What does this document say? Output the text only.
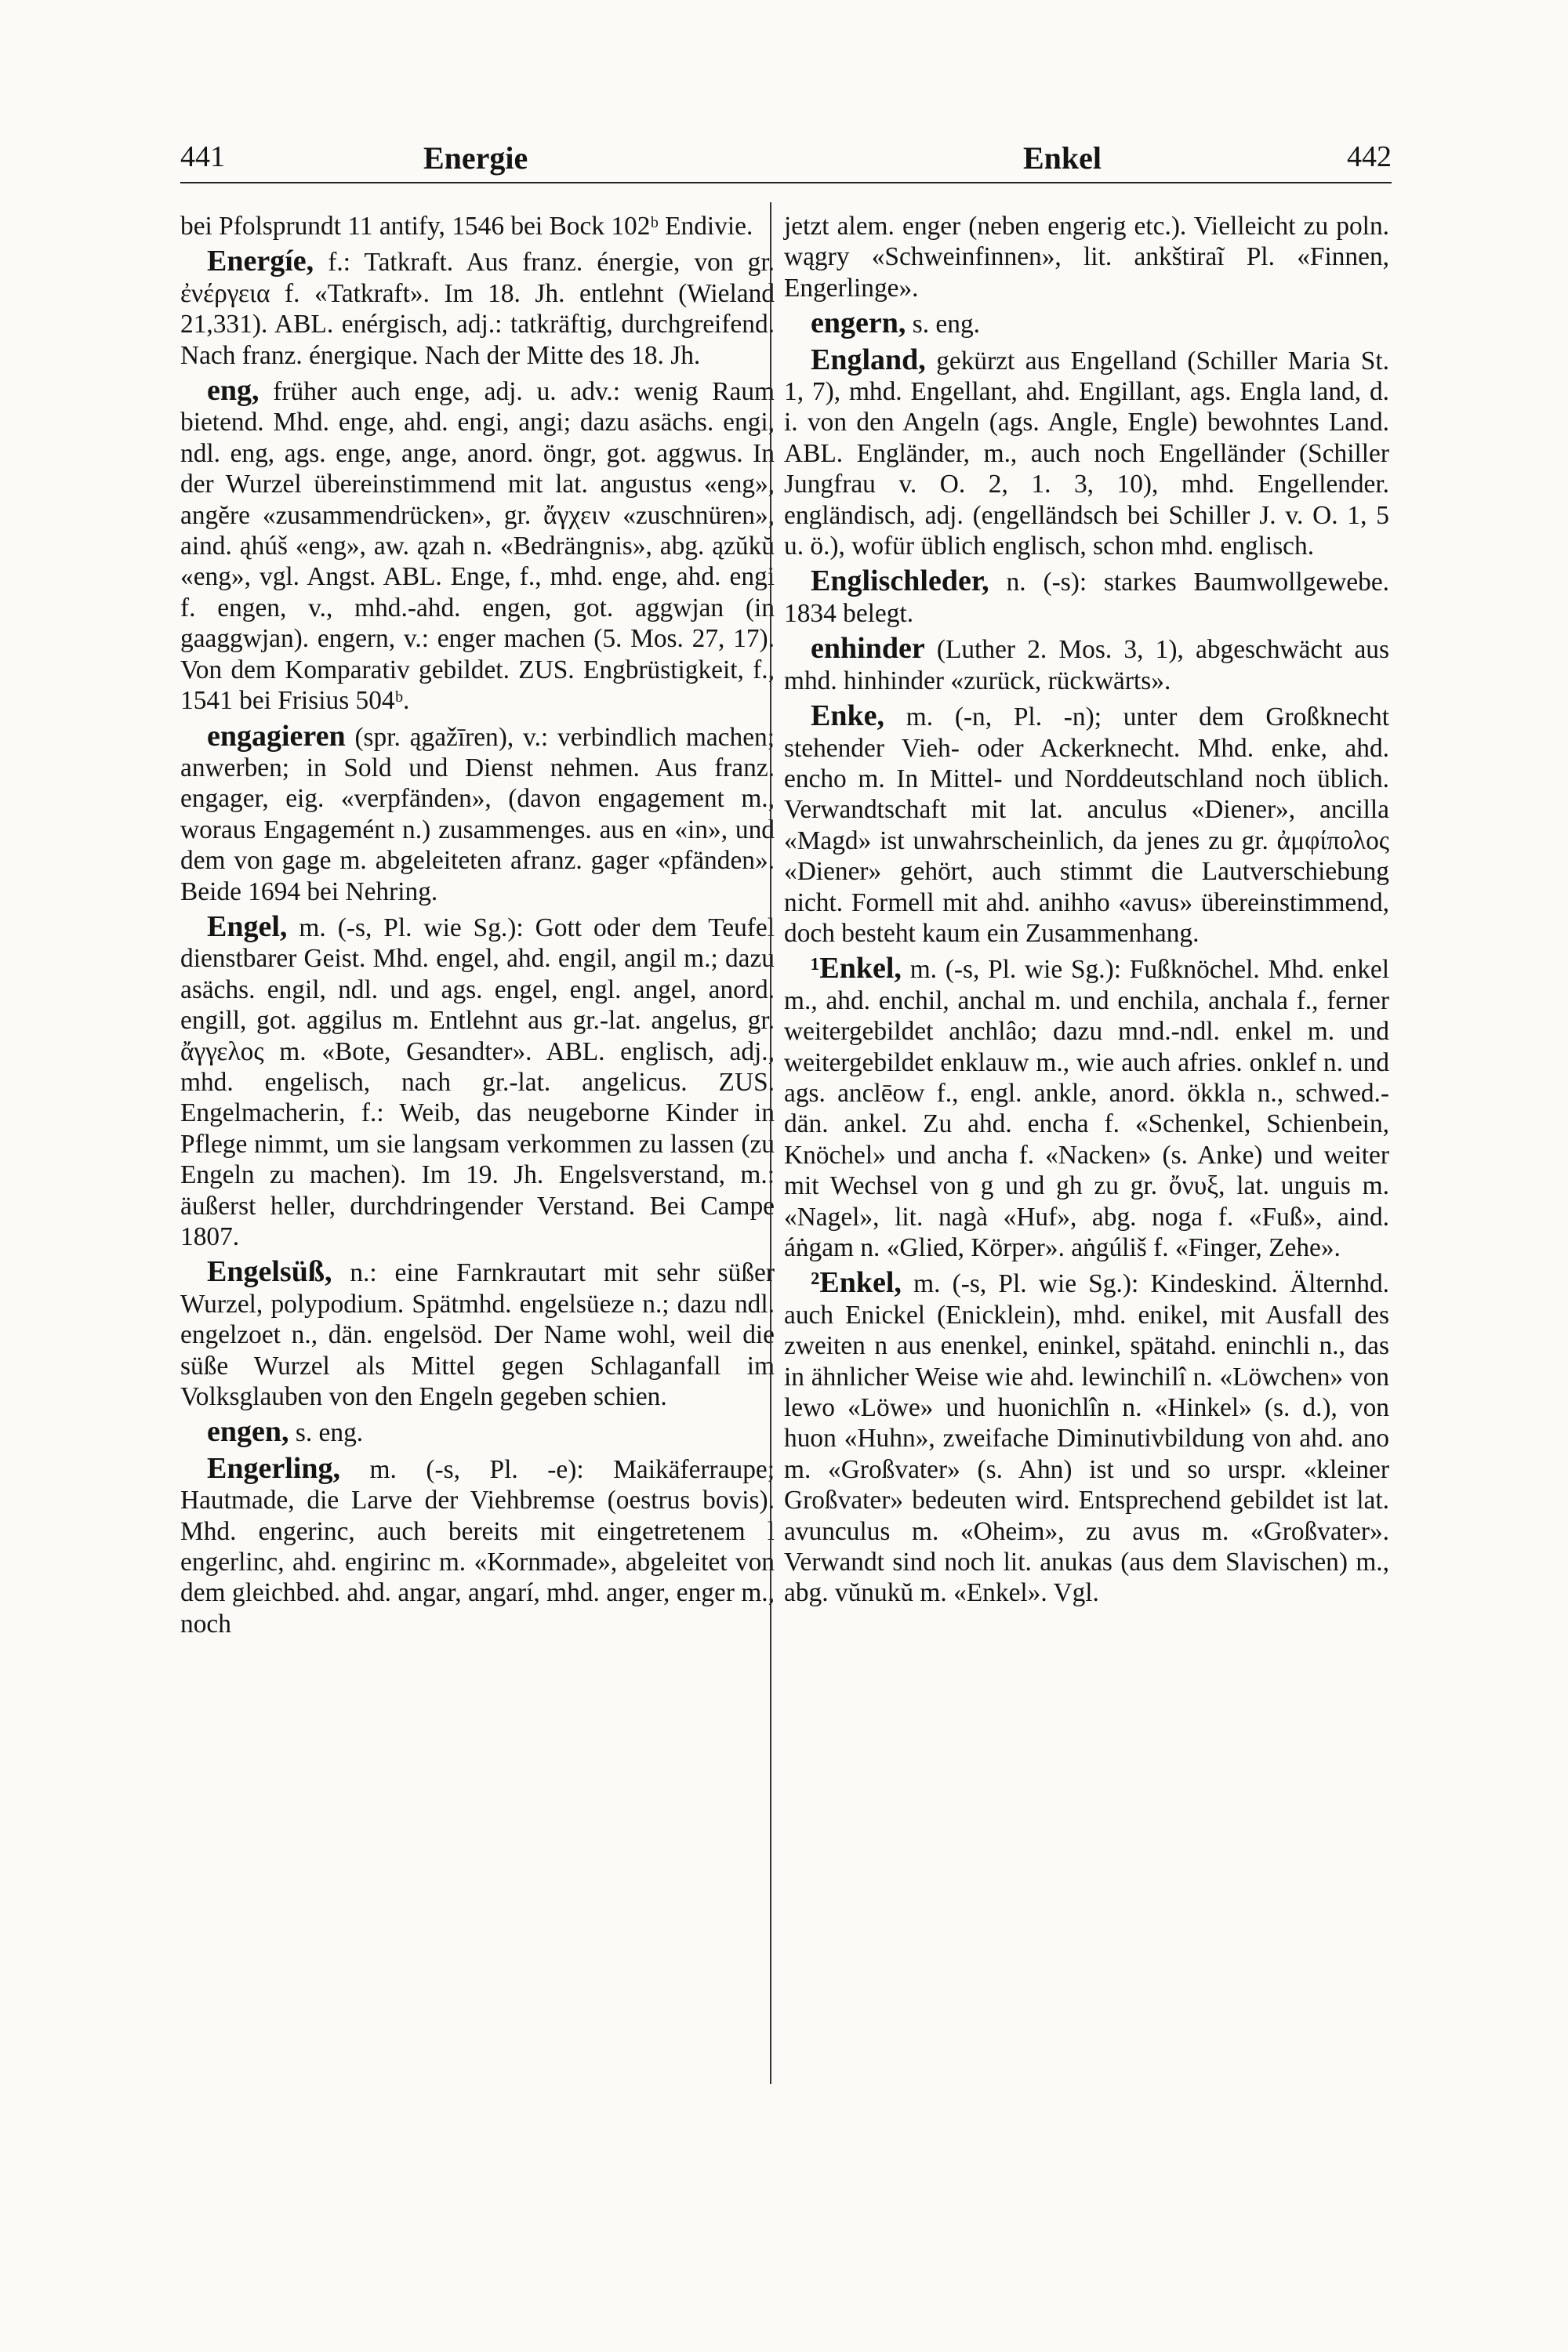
441	Energie	Enkel	442

bei Pfolsprundt 11 antify, 1546 bei Bock 102ᵇ Endivie.

Energíe, f.: Tatkraft. Aus franz. énergie, von gr. ἐνέργεια f. «Tatkraft». Im 18. Jh. entlehnt (Wieland 21,331). ABL. enérgisch, adj.: tatkräftig, durchgreifend. Nach franz. énergique. Nach der Mitte des 18. Jh.

eng, früher auch enge, adj. u. adv.: wenig Raum bietend. Mhd. enge, ahd. engi, angi; dazu asächs. engi, ndl. eng, ags. enge, ange, anord. öngr, got. aggwus. In der Wurzel übereinstimmend mit lat. angustus «eng», angĕre «zusammendrücken», gr. ἄγχειν «zuschnüren», aind. ąhúš «eng», aw. ązah n. «Bedrängnis», abg. ązŭkŭ «eng», vgl. Angst. ABL. Enge, f., mhd. enge, ahd. engi f. engen, v., mhd.-ahd. engen, got. aggwjan (in gaaggwjan). engern, v.: enger machen (5. Mos. 27, 17). Von dem Komparativ gebildet. ZUS. Engbrüstigkeit, f., 1541 bei Frisius 504ᵇ.

engagieren (spr. ągažīren), v.: verbindlich machen; anwerben; in Sold und Dienst nehmen. Aus franz. engager, eig. «verpfänden», (davon engagement m., woraus Engagemént n.) zusammenges. aus en «in», und dem von gage m. abgeleiteten afranz. gager «pfänden». Beide 1694 bei Nehring.

Engel, m. (-s, Pl. wie Sg.): Gott oder dem Teufel dienstbarer Geist. Mhd. engel, ahd. engil, angil m.; dazu asächs. engil, ndl. und ags. engel, engl. angel, anord. engill, got. aggilus m. Entlehnt aus gr.-lat. angelus, gr. ἄγγελος m. «Bote, Gesandter». ABL. englisch, adj., mhd. engelisch, nach gr.-lat. angelicus. ZUS. Engelmacherin, f.: Weib, das neugeborne Kinder in Pflege nimmt, um sie langsam verkommen zu lassen (zu Engeln zu machen). Im 19. Jh. Engelsverstand, m.: äußerst heller, durchdringender Verstand. Bei Campe 1807.

Engelsüß, n.: eine Farnkrautart mit sehr süßer Wurzel, polypodium. Spätmhd. engelsüeze n.; dazu ndl. engelzoet n., dän. engelsöd. Der Name wohl, weil die süße Wurzel als Mittel gegen Schlaganfall im Volksglauben von den Engeln gegeben schien.

engen, s. eng.

Engerling, m. (-s, Pl. -e): Maikäferraupe; Hautmade, die Larve der Viehbremse (oestrus bovis). Mhd. engerinc, auch bereits mit eingetretenem l engerlinc, ahd. engirinc m. «Kornmade», abgeleitet von dem gleichbed. ahd. angar, angarí, mhd. anger, enger m., noch

jetzt alem. enger (neben engerig etc.). Vielleicht zu poln. wągry «Schweinfinnen», lit. ankštiraĩ Pl. «Finnen, Engerlinge».

engern, s. eng.

England, gekürzt aus Engelland (Schiller Maria St. 1, 7), mhd. Engellant, ahd. Engillant, ags. Engla land, d. i. von den Angeln (ags. Angle, Engle) bewohntes Land. ABL. Engländer, m., auch noch Engelländer (Schiller Jungfrau v. O. 2, 1. 3, 10), mhd. Engellender. engländisch, adj. (engelländsch bei Schiller J. v. O. 1, 5 u. ö.), wofür üblich englisch, schon mhd. englisch.

Englischleder, n. (-s): starkes Baumwollgewebe. 1834 belegt.

enhinder (Luther 2. Mos. 3, 1), abgeschwächt aus mhd. hinhinder «zurück, rückwärts».

Enke, m. (-n, Pl. -n); unter dem Großknecht stehender Vieh- oder Ackerknecht. Mhd. enke, ahd. encho m. In Mittel- und Norddeutschland noch üblich. Verwandtschaft mit lat. anculus «Diener», ancilla «Magd» ist unwahrscheinlich, da jenes zu gr. ἀμφίπολος «Diener» gehört, auch stimmt die Lautverschiebung nicht. Formell mit ahd. anihho «avus» übereinstimmend, doch besteht kaum ein Zusammenhang.

¹Enkel, m. (-s, Pl. wie Sg.): Fußknöchel. Mhd. enkel m., ahd. enchil, anchal m. und enchila, anchala f., ferner weitergebildet anchlâo; dazu mnd.-ndl. enkel m. und weitergebildet enklauw m., wie auch afries. onklef n. und ags. anclēow f., engl. ankle, anord. ökkla n., schwed.-dän. ankel. Zu ahd. encha f. «Schenkel, Schienbein, Knöchel» und ancha f. «Nacken» (s. Anke) und weiter mit Wechsel von g und gh zu gr. ὄνυξ, lat. unguis m. «Nagel», lit. nagà «Huf», abg. noga f. «Fuß», aind. áṅgam n. «Glied, Körper». aṅgúliš f. «Finger, Zehe».

²Enkel, m. (-s, Pl. wie Sg.): Kindeskind. Älternhd. auch Enickel (Enicklein), mhd. enikel, mit Ausfall des zweiten n aus enenkel, eninkel, spätahd. eninchli n., das in ähnlicher Weise wie ahd. lewinchilî n. «Löwchen» von lewo «Löwe» und huonichlîn n. «Hinkel» (s. d.), von huon «Huhn», zweifache Diminutivbildung von ahd. ano m. «Großvater» (s. Ahn) ist und so urspr. «kleiner Großvater» bedeuten wird. Entsprechend gebildet ist lat. avunculus m. «Oheim», zu avus m. «Großvater». Verwandt sind noch lit. anukas (aus dem Slavischen) m., abg. vŭnukŭ m. «Enkel». Vgl.
